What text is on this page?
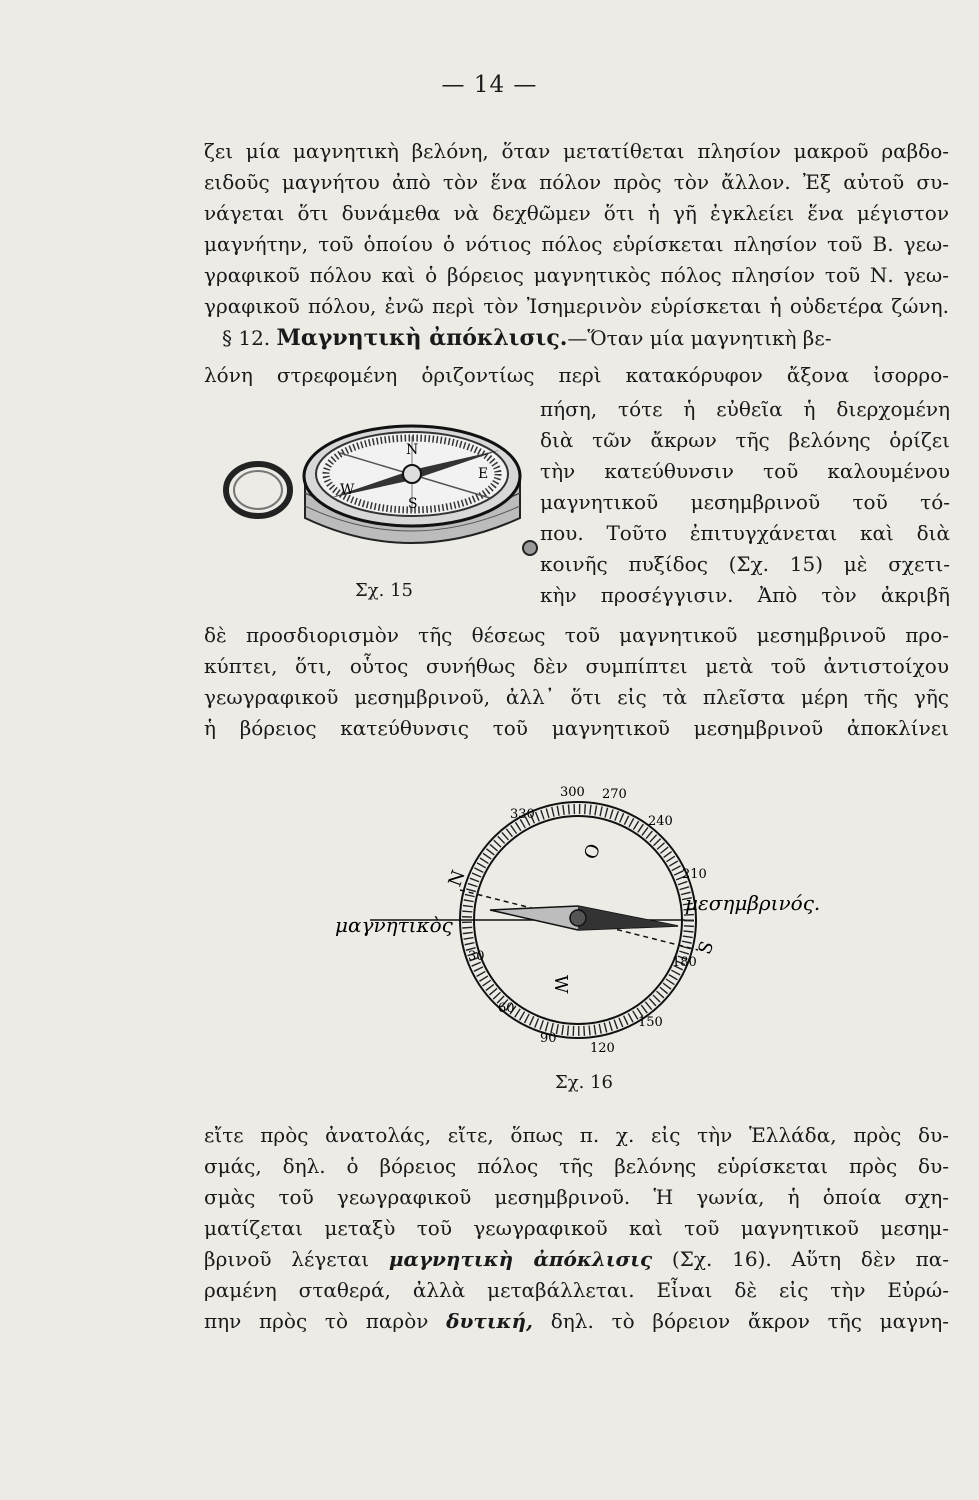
— 14 —

ζει μία μαγνητικὴ βελόνη, ὅταν μετατίθεται πλησίον μακροῦ ραβδο-
ειδοῦς μαγνήτου ἀπὸ τὸν ἕνα πόλον πρὸς τὸν ἄλλον. Ἐξ αὐτοῦ συ-
νάγεται ὅτι δυνάμεθα νὰ δεχθῶμεν ὅτι ἡ γῆ ἐγκλείει ἕνα μέγιστον
μαγνήτην, τοῦ ὁποίου ὁ νότιος πόλος εὑρίσκεται πλησίον τοῦ Β. γεω-
γραφικοῦ πόλου καὶ ὁ βόρειος μαγνητικὸς πόλος πλησίον τοῦ Ν. γεω-
γραφικοῦ πόλου, ἐνῶ περὶ τὸν Ἰσημερινὸν εὑρίσκεται ἡ οὐδετέρα ζώνη.

§ 12. Μαγνητικὴ ἀπόκλισις.—Ὅταν μία μαγνητικὴ βε-

λόνη στρεφομένη ὁριζοντίως περὶ κατακόρυφον ἄξονα ἰσορρο-

N
W
S
E
Σχ. 15
πήση, τότε ἡ εὐθεῖα ἡ διερχομένη
διὰ τῶν ἄκρων τῆς βελόνης ὁρίζει
τὴν κατεύθυνσιν τοῦ καλουμένου
μαγνητικοῦ μεσημβρινοῦ τοῦ τό-
που. Τοῦτο ἐπιτυγχάνεται καὶ διὰ
κοινῆς πυξίδος (Σχ. 15) μὲ σχετι-
κὴν προσέγγισιν. Ἀπὸ τὸν ἀκριβῆ

δὲ προσδιορισμὸν τῆς θέσεως τοῦ μαγνητικοῦ μεσημβρινοῦ προ-
κύπτει, ὅτι, οὗτος συνήθως δὲν συμπίπτει μετὰ τοῦ ἀντιστοίχου
γεωγραφικοῦ μεσημβρινοῦ, ἀλλ᾽ ὅτι εἰς τὰ πλεῖστα μέρη τῆς γῆς
ἡ βόρειος κατεύθυνσις τοῦ μαγνητικοῦ μεσημβρινοῦ ἀποκλίνει

μαγνητικὸς
μεσημβρινός.
N
W
S
O
300
330
270
240
210
180
150
120
90
60
30
Σχ. 16

εἴτε πρὸς ἀνατολάς, εἴτε, ὅπως π. χ. εἰς τὴν Ἑλλάδα, πρὸς δυ-
σμάς, δηλ. ὁ βόρειος πόλος τῆς βελόνης εὑρίσκεται πρὸς δυ-
σμὰς τοῦ γεωγραφικοῦ μεσημβρινοῦ. Ἡ γωνία, ἡ ὁποία σχη-
ματίζεται μεταξὺ τοῦ γεωγραφικοῦ καὶ τοῦ μαγνητικοῦ μεσημ-
βρινοῦ λέγεται μαγνητικὴ ἀπόκλισις (Σχ. 16). Αὕτη δὲν πα-
ραμένη σταθερά, ἀλλὰ μεταβάλλεται. Εἶναι δὲ εἰς τὴν Εὐρώ-
πην πρὸς τὸ παρὸν δυτική, δηλ. τὸ βόρειον ἄκρον τῆς μαγνη-
